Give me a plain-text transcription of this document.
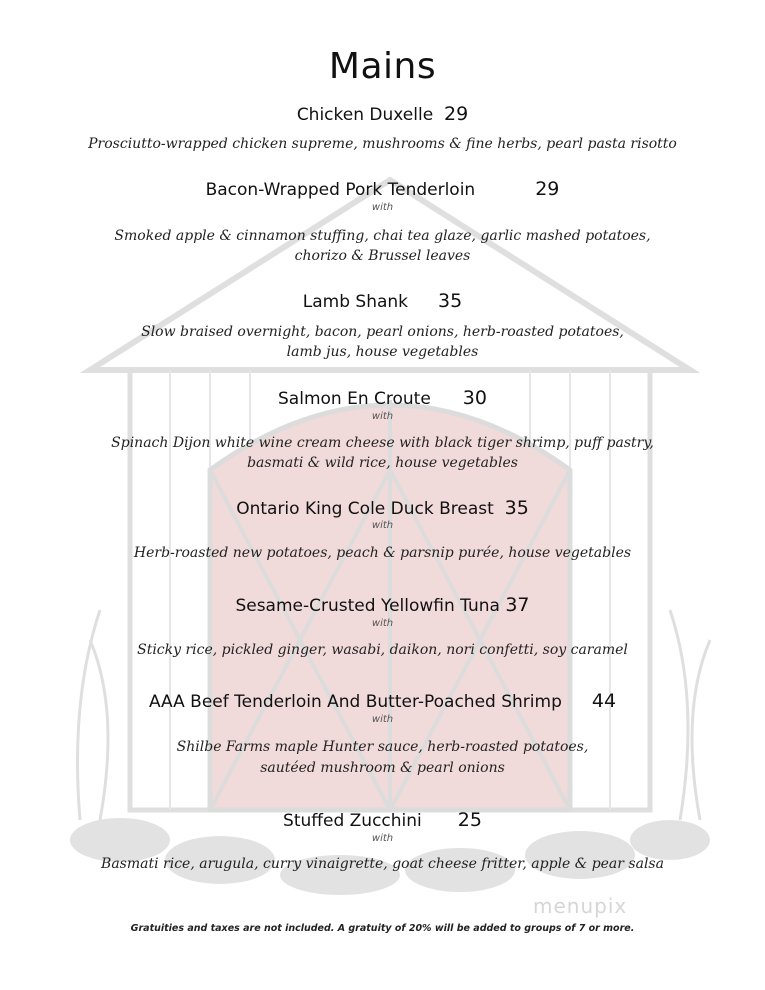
Mains
Chicken Duxelle 29
Prosciutto-wrapped chicken supreme, mushrooms & fine herbs, pearl pasta risotto
Bacon-Wrapped Pork Tenderloin	29
with
Smoked apple & cinnamon stuffing, chai tea glaze, garlic mashed potatoes,
chorizo & Brussel leaves
Lamb Shank 35
Slow braised overnight, bacon, pearl onions, herb-roasted potatoes,
lamb jus, house vegetables
Salmon En Croute 30
with
Spinach Dijon white wine cream cheese with black tiger shrimp, puff pastry,
basmati & wild rice, house vegetables
Ontario King Cole Duck Breast 35
with
Herb-roasted new potatoes, peach & parsnip purée, house vegetables
Sesame-Crusted Yellowfin Tuna 37
with
Sticky rice, pickled ginger, wasabi, daikon, nori confetti, soy caramel
AAA Beef Tenderloin And Butter-Poached Shrimp 44
with
Shilbe Farms maple Hunter sauce, herb-roasted potatoes,
sautéed mushroom & pearl onions
Stuffed Zucchini 25
with
Basmati rice, arugula, curry vinaigrette, goat cheese fritter, apple & pear salsa
menupix
Gratuities and taxes are not included. A gratuity of 20% will be added to groups of 7 or more.
